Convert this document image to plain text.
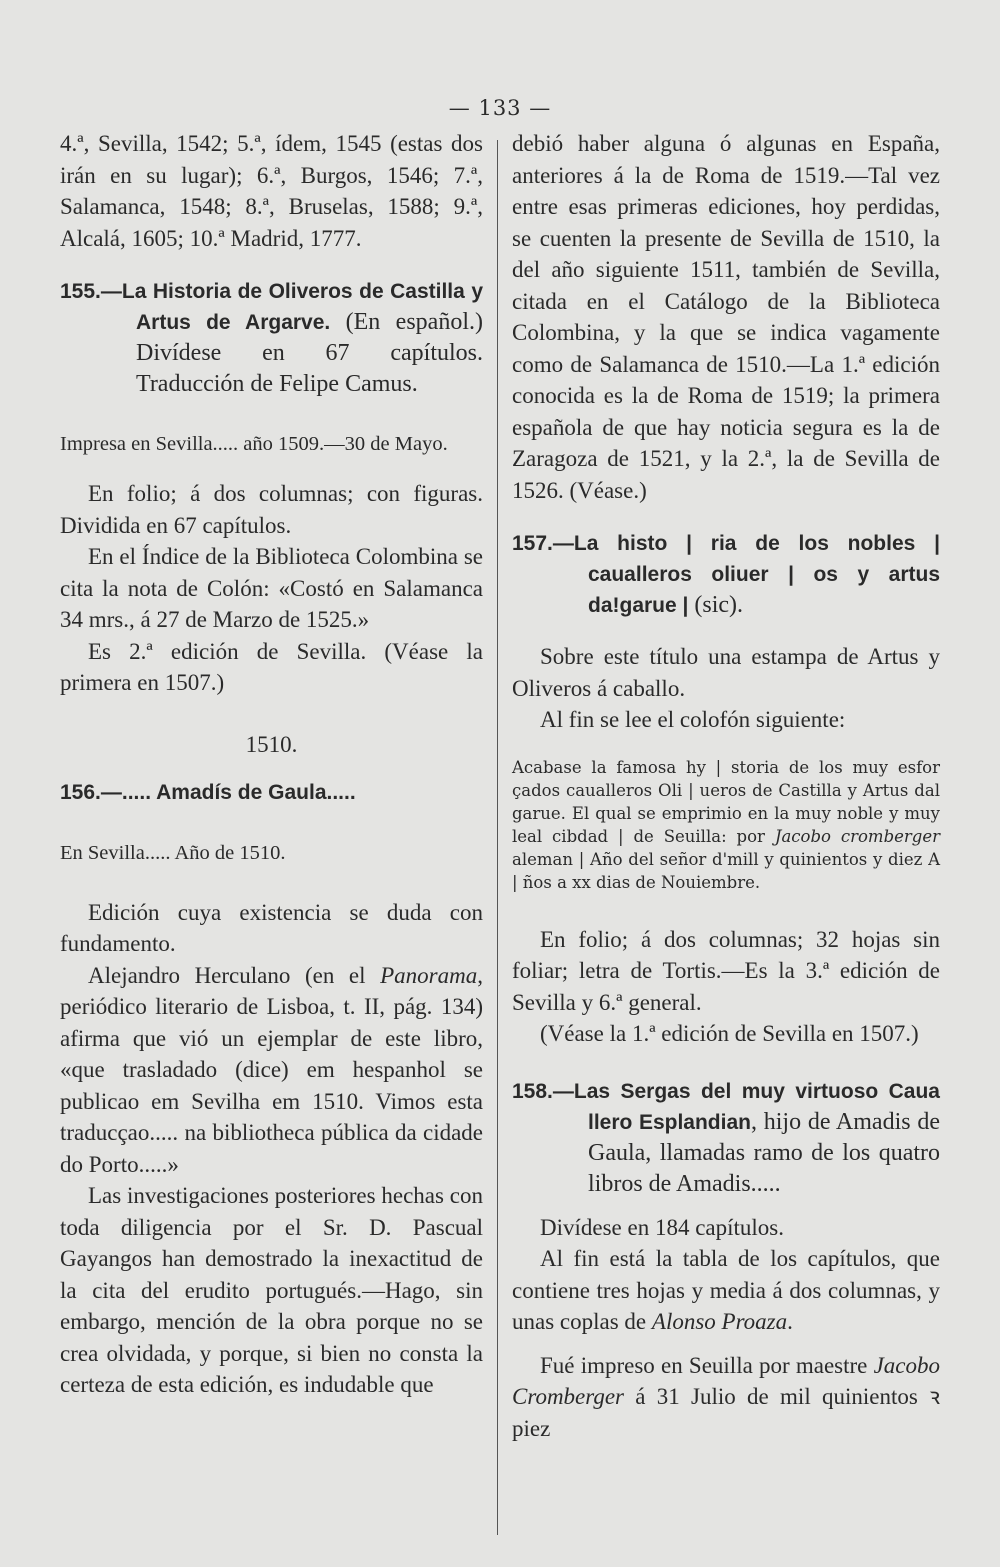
— 133 —

4.ª, Sevilla, 1542; 5.ª, ídem, 1545 (estas dos irán en su lugar); 6.ª, Burgos, 1546; 7.ª, Salamanca, 1548; 8.ª, Bruselas, 1588; 9.ª, Alcalá, 1605; 10.ª Madrid, 1777.

155.—La Historia de Oliveros de Castilla y Artus de Argarve. (En español.) Divídese en 67 capítulos. Traducción de Felipe Camus.

Impresa en Sevilla..... año 1509.—30 de Mayo.

En folio; á dos columnas; con figuras. Dividida en 67 capítulos.

En el Índice de la Biblioteca Colombina se cita la nota de Colón: «Costó en Salamanca 34 mrs., á 27 de Marzo de 1525.»

Es 2.ª edición de Sevilla. (Véase la primera en 1507.)

1510.

156.—..... Amadís de Gaula.....

En Sevilla..... Año de 1510.

Edición cuya existencia se duda con fundamento.

Alejandro Herculano (en el Panorama, periódico literario de Lisboa, t. II, pág. 134) afirma que vió un ejemplar de este libro, «que trasladado (dice) em hespanhol se publicao em Sevilha em 1510. Vimos esta traducçao..... na bibliotheca pública da cidade do Porto.....»

Las investigaciones posteriores hechas con toda diligencia por el Sr. D. Pascual Gayangos han demostrado la inexactitud de la cita del erudito portugués.—Hago, sin embargo, mención de la obra porque no se crea olvidada, y porque, si bien no consta la certeza de esta edición, es indudable que

debió haber alguna ó algunas en España, anteriores á la de Roma de 1519.—Tal vez entre esas primeras ediciones, hoy perdidas, se cuenten la presente de Sevilla de 1510, la del año siguiente 1511, también de Sevilla, citada en el Catálogo de la Biblioteca Colombina, y la que se indica vagamente como de Salamanca de 1510.—La 1.ª edición conocida es la de Roma de 1519; la primera española de que hay noticia segura es la de Zaragoza de 1521, y la 2.ª, la de Sevilla de 1526. (Véase.)

157.—La histo | ria de los nobles | caualleros oliuer | os y artus da!garue | (sic).

Sobre este título una estampa de Artus y Oliveros á caballo.

Al fin se lee el colofón siguiente:

Acabase la famosa hy | storia de los muy esfor çados caualleros Oli | ueros de Castilla y Artus dal garue. El qual se emprimio en la muy noble y muy leal cibdad | de Seuilla: por Jacobo cromberger aleman | Año del señor d'mill y quinientos y diez A | ños a xx dias de Nouiembre.

En folio; á dos columnas; 32 hojas sin foliar; letra de Tortis.—Es la 3.ª edición de Sevilla y 6.ª general.

(Véase la 1.ª edición de Sevilla en 1507.)

158.—Las Sergas del muy virtuoso Caua llero Esplandian, hijo de Amadis de Gaula, llamadas ramo de los quatro libros de Amadis.....

Divídese en 184 capítulos.

Al fin está la tabla de los capítulos, que contiene tres hojas y media á dos columnas, y unas coplas de Alonso Proaza.

Fué impreso en Seuilla por maestre Jacobo Cromberger á 31 Julio de mil quinientos ꝛ piez
